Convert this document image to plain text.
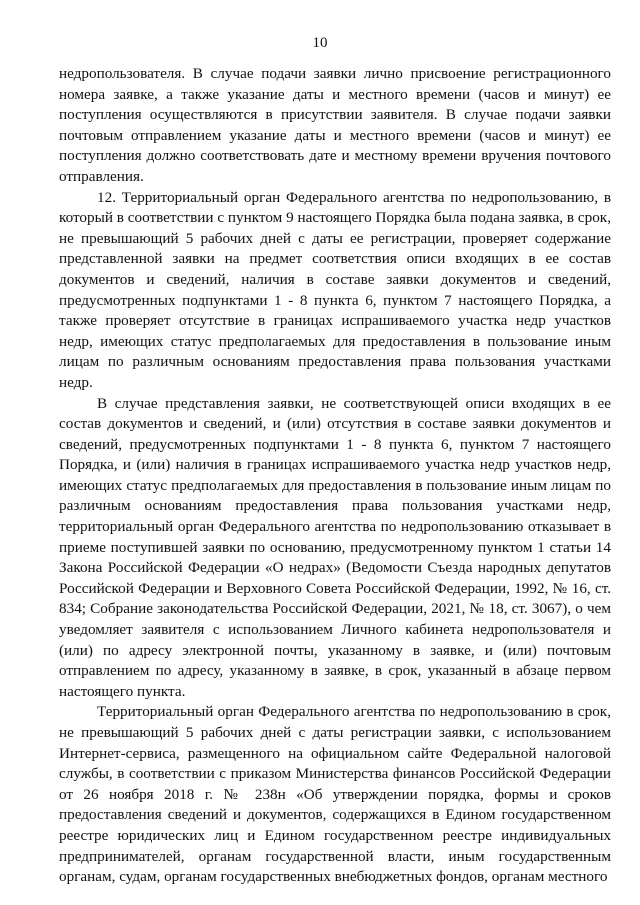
10

недропользователя. В случае подачи заявки лично присвоение регистрационного номера заявке, а также указание даты и местного времени (часов и минут) ее поступления осуществляются в присутствии заявителя. В случае подачи заявки почтовым отправлением указание даты и местного времени (часов и минут) ее поступления должно соответствовать дате и местному времени вручения почтового отправления.

12. Территориальный орган Федерального агентства по недропользованию, в который в соответствии с пунктом 9 настоящего Порядка была подана заявка, в срок, не превышающий 5 рабочих дней с даты ее регистрации, проверяет содержание представленной заявки на предмет соответствия описи входящих в ее состав документов и сведений, наличия в составе заявки документов и сведений, предусмотренных подпунктами 1 - 8 пункта 6, пунктом 7 настоящего Порядка, а также проверяет отсутствие в границах испрашиваемого участка недр участков недр, имеющих статус предполагаемых для предоставления в пользование иным лицам по различным основаниям предоставления права пользования участками недр.

В случае представления заявки, не соответствующей описи входящих в ее состав документов и сведений, и (или) отсутствия в составе заявки документов и сведений, предусмотренных подпунктами 1 - 8 пункта 6, пунктом 7 настоящего Порядка, и (или) наличия в границах испрашиваемого участка недр участков недр, имеющих статус предполагаемых для предоставления в пользование иным лицам по различным основаниям предоставления права пользования участками недр, территориальный орган Федерального агентства по недропользованию отказывает в приеме поступившей заявки по основанию, предусмотренному пунктом 1 статьи 14 Закона Российской Федерации «О недрах» (Ведомости Съезда народных депутатов Российской Федерации и Верховного Совета Российской Федерации, 1992, № 16, ст. 834; Собрание законодательства Российской Федерации, 2021, № 18, ст. 3067), о чем уведомляет заявителя с использованием Личного кабинета недропользователя и (или) по адресу электронной почты, указанному в заявке, и (или) почтовым отправлением по адресу, указанному в заявке, в срок, указанный в абзаце первом настоящего пункта.

Территориальный орган Федерального агентства по недропользованию в срок, не превышающий 5 рабочих дней с даты регистрации заявки, с использованием Интернет-сервиса, размещенного на официальном сайте Федеральной налоговой службы, в соответствии с приказом Министерства финансов Российской Федерации от 26 ноября 2018 г. № 238н «Об утверждении порядка, формы и сроков предоставления сведений и документов, содержащихся в Едином государственном реестре юридических лиц и Едином государственном реестре индивидуальных предпринимателей, органам государственной власти, иным государственным органам, судам, органам государственных внебюджетных фондов, органам местного
